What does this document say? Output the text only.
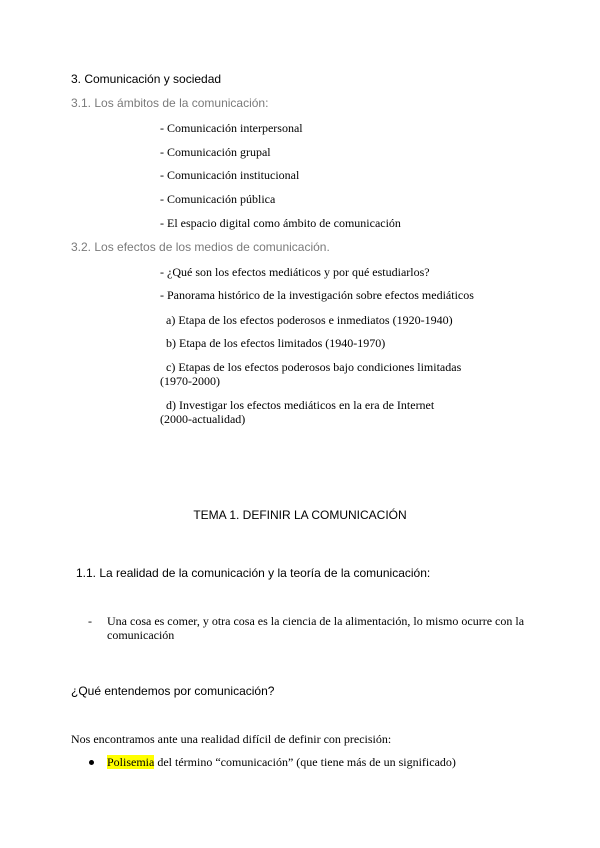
3. Comunicación y sociedad
3.1. Los ámbitos de la comunicación:
- Comunicación interpersonal
- Comunicación grupal
- Comunicación institucional
- Comunicación pública
- El espacio digital como ámbito de comunicación
3.2. Los efectos de los medios de comunicación.
- ¿Qué son los efectos mediáticos y por qué estudiarlos?
- Panorama histórico de la investigación sobre efectos mediáticos
a) Etapa de los efectos poderosos e inmediatos (1920-1940)
b) Etapa de los efectos limitados (1940-1970)
c) Etapas de los efectos poderosos bajo condiciones limitadas (1970-2000)
d) Investigar los efectos mediáticos en la era de Internet (2000-actualidad)
TEMA 1. DEFINIR LA COMUNICACIÓN
1.1. La realidad de la comunicación y la teoría de la comunicación:
- Una cosa es comer, y otra cosa es la ciencia de la alimentación, lo mismo ocurre con la comunicación
¿Qué entendemos por comunicación?
Nos encontramos ante una realidad difícil de definir con precisión:
Polisemia del término “comunicación” (que tiene más de un significado)
